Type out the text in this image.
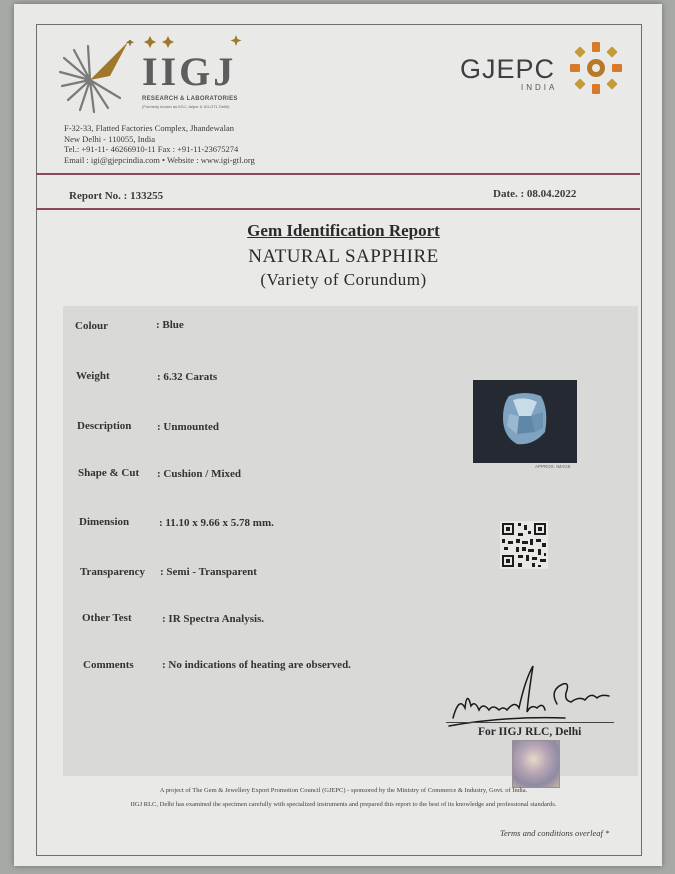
IIGJ
RESEARCH & LABORATORIES
(Formerly known as IIGJ, Jaipur & IGI-GTL Delhi)
GJEPC
INDIA
F-32-33, Flatted Factories Complex, Jhandewalan
New Delhi - 110055, India
Tel.: +91-11- 46266910-11 Fax : +91-11-23675274
Email : igi@gjepcindia.com • Website : www.igi-gtl.org
Report No. : 133255	Date. : 08.04.2022
Gem Identification Report
NATURAL SAPPHIRE
(Variety of Corundum)
Colour	: Blue
Weight	: 6.32 Carats
Description : Unmounted
Shape & Cut : Cushion / Mixed
Dimension	: 11.10 x 9.66 x 5.78 mm.
Transparency : Semi - Transparent
Other Test	: IR Spectra Analysis.
Comments	: No indications of heating are observed.
APPROX. IMAGE
For IIGJ RLC, Delhi
A project of The Gem & Jewellery Export Promotion Council (GJEPC) - sponsored by the Ministry of Commerce & Industry, Govt. of India.
IIGJ RLC, Delhi has examined the specimen carefully with specialized instruments and prepared this report to the best of its knowledge and professional standards.
Terms and conditions overleaf *
